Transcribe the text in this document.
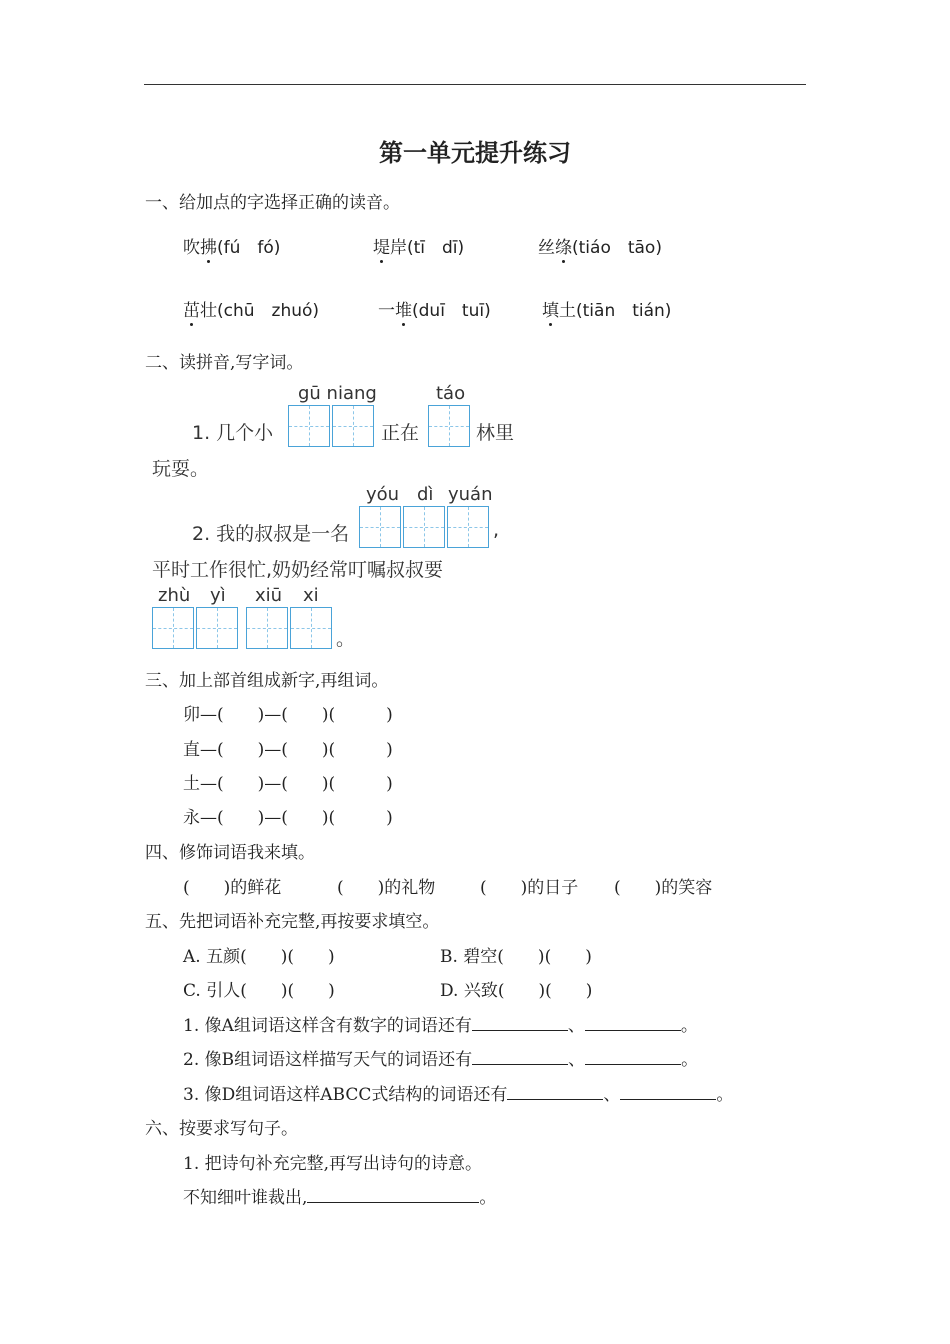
第一单元提升练习
一、给加点的字选择正确的读音。
吹拂(fú　fó)	堤岸(tī　dī)	丝绦(tiáo　tāo)
茁壮(chū　zhuó)	一堆(duī　tuī)	填土(tiān　tián)
二、读拼音,写字词。
gū niang	táo
1. 几个小	正在	林里
玩耍。
yóu dì yuán
2. 我的叔叔是一名	,
平时工作很忙,奶奶经常叮嘱叔叔要
zhù yì xiū xi
。
三、加上部首组成新字,再组词。
卯—(　　)—(　　)(　　　)
直—(　　)—(　　)(　　　)
土—(　　)—(　　)(　　　)
永—(　　)—(　　)(　　　)
四、修饰词语我来填。
(　　)的鲜花	(　　)的礼物	(　　)的日子 (　　)的笑容
五、先把词语补充完整,再按要求填空。
A. 五颜(　　)(　　)	B. 碧空(　　)(　　)
C. 引人(　　)(　　)	D. 兴致(　　)(　　)
1. 像A组词语这样含有数字的词语还有	、	。
2. 像B组词语这样描写天气的词语还有	、	。
3. 像D组词语这样ABCC式结构的词语还有	、	。
六、按要求写句子。
1. 把诗句补充完整,再写出诗句的诗意。
不知细叶谁裁出,	。
